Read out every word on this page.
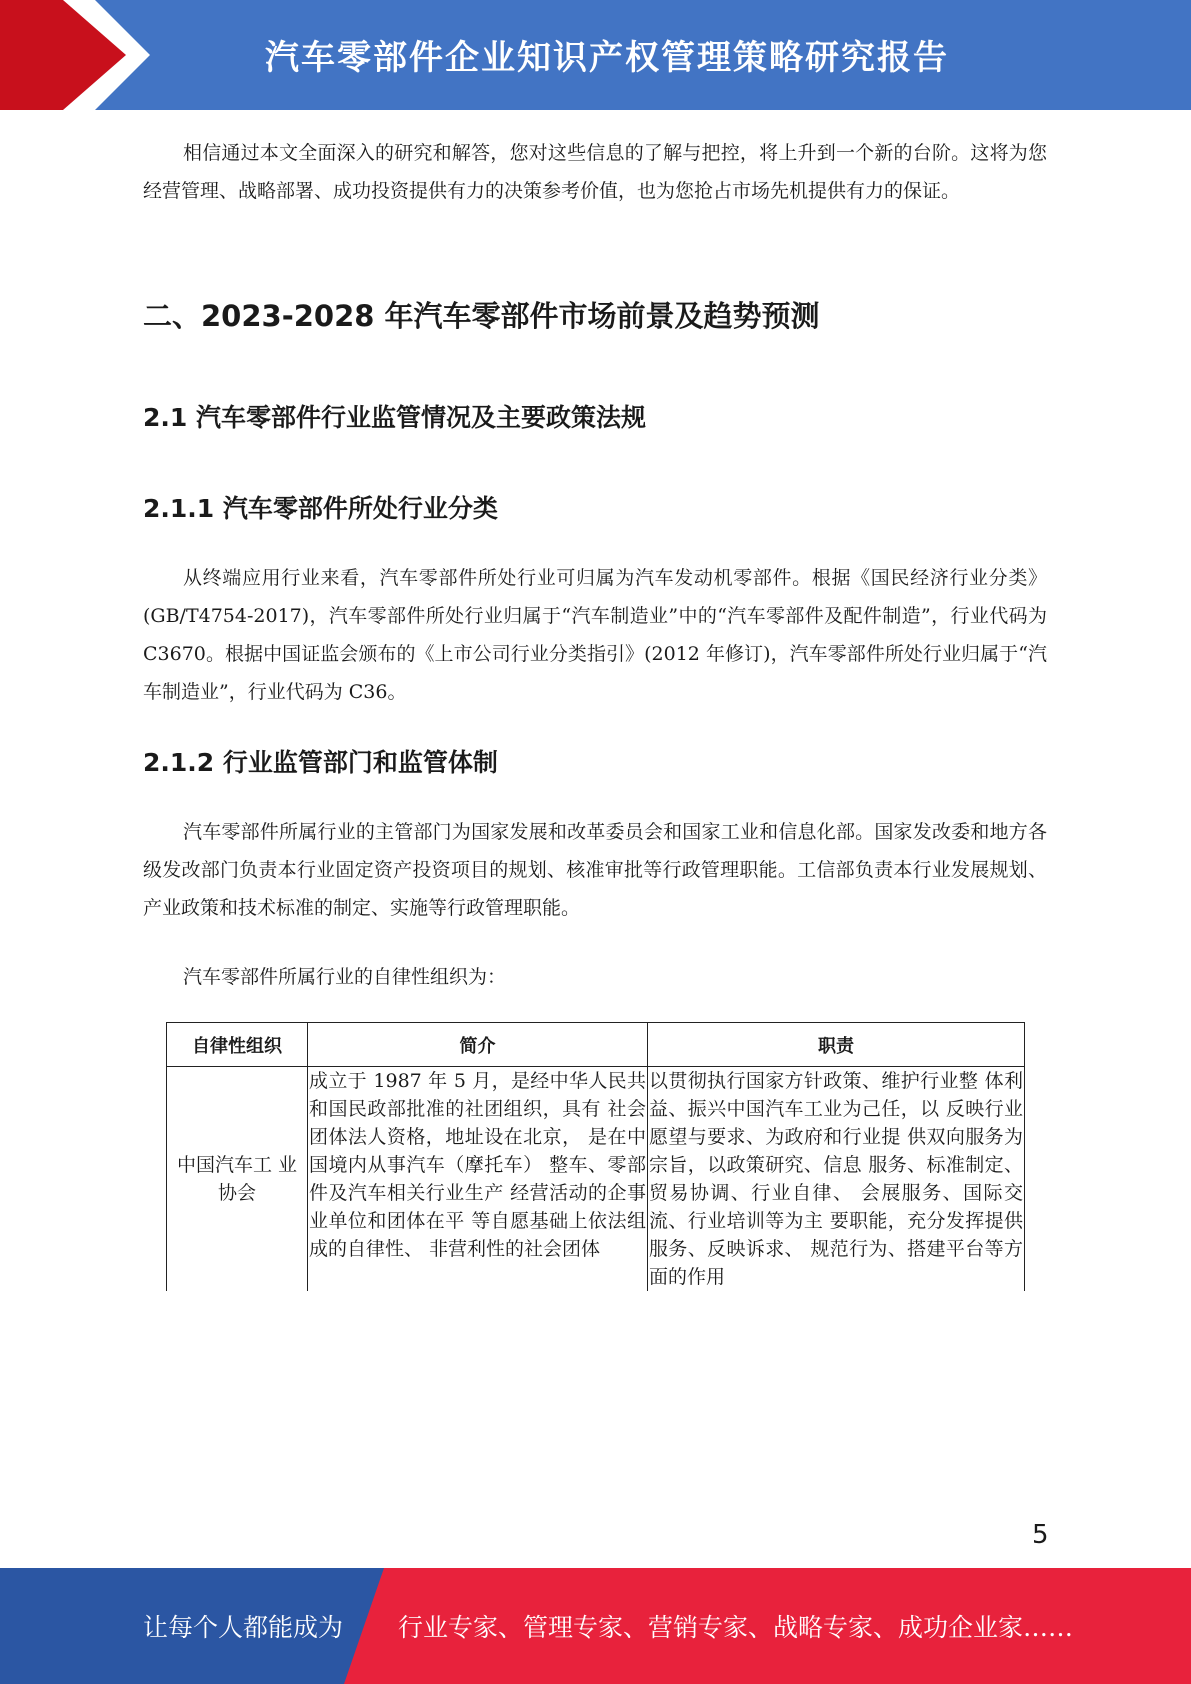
汽车零部件企业知识产权管理策略研究报告
相信通过本文全面深入的研究和解答，您对这些信息的了解与把控，将上升到一个新的台阶。这将为您经营管理、战略部署、成功投资提供有力的决策参考价值，也为您抢占市场先机提供有力的保证。
二、2023-2028 年汽车零部件市场前景及趋势预测
2.1 汽车零部件行业监管情况及主要政策法规
2.1.1 汽车零部件所处行业分类
从终端应用行业来看，汽车零部件所处行业可归属为汽车发动机零部件。根据《国民经济行业分类》(GB/T4754-2017)，汽车零部件所处行业归属于“汽车制造业”中的“汽车零部件及配件制造”，行业代码为 C3670。根据中国证监会颁布的《上市公司行业分类指引》(2012 年修订)，汽车零部件所处行业归属于“汽车制造业”，行业代码为 C36。
2.1.2 行业监管部门和监管体制
汽车零部件所属行业的主管部门为国家发展和改革委员会和国家工业和信息化部。国家发改委和地方各级发改部门负责本行业固定资产投资项目的规划、核准审批等行政管理职能。工信部负责本行业发展规划、产业政策和技术标准的制定、实施等行政管理职能。
汽车零部件所属行业的自律性组织为：
自律性组织	简介	职责
中国汽车工 业协会	成立于 1987 年 5 月，是经中华人民共和国民政部批准的社团组织，具有 社会团体法人资格，地址设在北京， 是在中国境内从事汽车（摩托车） 整车、零部件及汽车相关行业生产 经营活动的企事业单位和团体在平 等自愿基础上依法组成的自律性、 非营利性的社会团体	以贯彻执行国家方针政策、维护行业整 体利益、振兴中国汽车工业为己任，以 反映行业愿望与要求、为政府和行业提 供双向服务为宗旨，以政策研究、信息 服务、标准制定、贸易协调、行业自律、 会展服务、国际交流、行业培训等为主 要职能，充分发挥提供服务、反映诉求、 规范行为、搭建平台等方面的作用
5
让每个人都能成为 行业专家、管理专家、营销专家、战略专家、成功企业家……
